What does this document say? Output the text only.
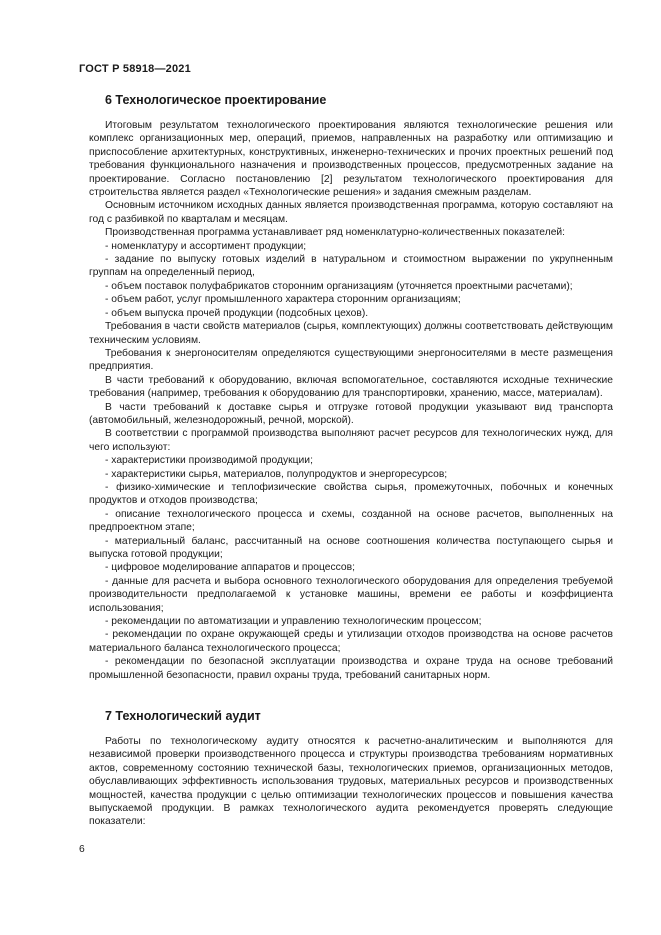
ГОСТ Р 58918—2021
6 Технологическое проектирование

Итоговым результатом технологического проектирования являются технологические решения или комплекс организационных мер, операций, приемов, направленных на разработку или оптимизацию и приспособление архитектурных, конструктивных, инженерно-технических и прочих проектных решений под требования функционального назначения и производственных процессов, предусмотренных задание на проектирование. Согласно постановлению [2] результатом технологического проектирования для строительства является раздел «Технологические решения» и задания смежным разделам.

Основным источником исходных данных является производственная программа, которую составляют на год с разбивкой по кварталам и месяцам.

Производственная программа устанавливает ряд номенклатурно-количественных показателей:

- номенклатуру и ассортимент продукции;

- задание по выпуску готовых изделий в натуральном и стоимостном выражении по укрупненным группам на определенный период,

- объем поставок полуфабрикатов сторонним организациям (уточняется проектными расчетами);

- объем работ, услуг промышленного характера сторонним организациям;

- объем выпуска прочей продукции (подсобных цехов).

Требования в части свойств материалов (сырья, комплектующих) должны соответствовать действующим техническим условиям.

Требования к энергоносителям определяются существующими энергоносителями в месте размещения предприятия.

В части требований к оборудованию, включая вспомогательное, составляются исходные технические требования (например, требования к оборудованию для транспортировки, хранению, массе, материалам).

В части требований к доставке сырья и отгрузке готовой продукции указывают вид транспорта (автомобильный, железнодорожный, речной, морской).

В соответствии с программой производства выполняют расчет ресурсов для технологических нужд, для чего используют:

- характеристики производимой продукции;

- характеристики сырья, материалов, полупродуктов и энергоресурсов;

- физико-химические и теплофизические свойства сырья, промежуточных, побочных и конечных продуктов и отходов производства;

- описание технологического процесса и схемы, созданной на основе расчетов, выполненных на предпроектном этапе;

- материальный баланс, рассчитанный на основе соотношения количества поступающего сырья и выпуска готовой продукции;

- цифровое моделирование аппаратов и процессов;

- данные для расчета и выбора основного технологического оборудования для определения требуемой производительности предполагаемой к установке машины, времени ее работы и коэффициента использования;

- рекомендации по автоматизации и управлению технологическим процессом;

- рекомендации по охране окружающей среды и утилизации отходов производства на основе расчетов материального баланса технологического процесса;

- рекомендации по безопасной эксплуатации производства и охране труда на основе требований промышленной безопасности, правил охраны труда, требований санитарных норм.

7 Технологический аудит

Работы по технологическому аудиту относятся к расчетно-аналитическим и выполняются для независимой проверки производственного процесса и структуры производства требованиям нормативных актов, современному состоянию технической базы, технологических приемов, организационных методов, обуславливающих эффективность использования трудовых, материальных ресурсов и производственных мощностей, качества продукции с целью оптимизации технологических процессов и повышения качества выпускаемой продукции. В рамках технологического аудита рекомендуется проверять следующие показатели:

6
